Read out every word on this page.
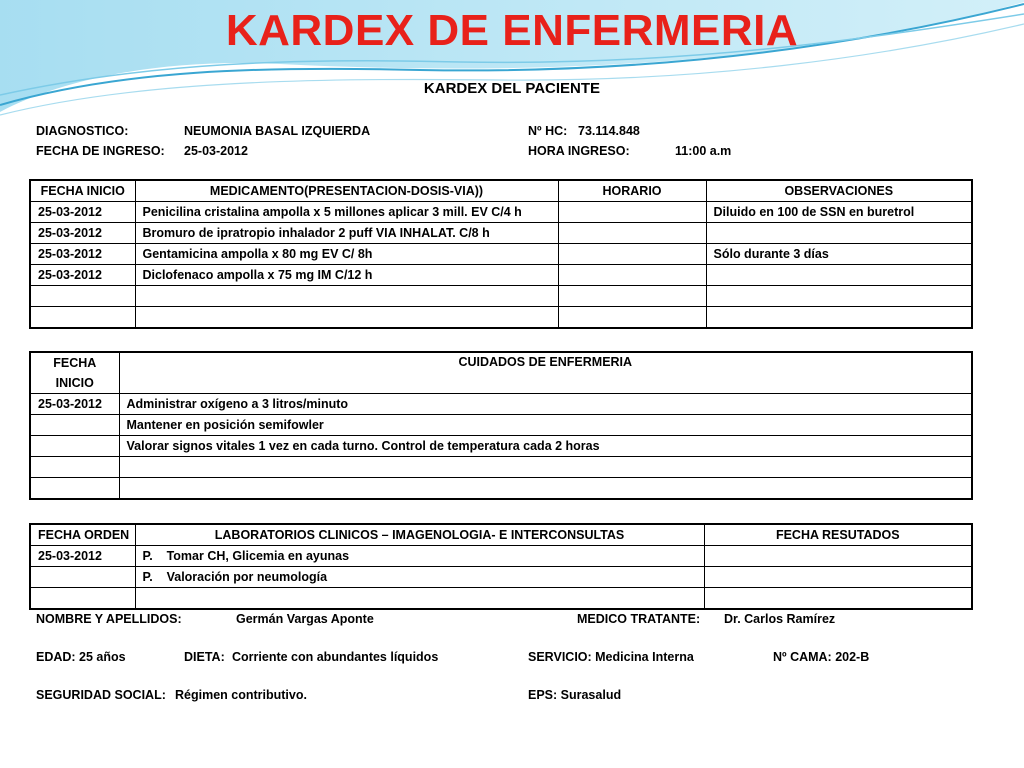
KARDEX DE ENFERMERIA
KARDEX DEL PACIENTE
DIAGNOSTICO:	NEUMONIA BASAL IZQUIERDA	Nº HC: 73.114.848
FECHA DE INGRESO: 25-03-2012	HORA INGRESO:	11:00 a.m
FECHA INICIO	MEDICAMENTO(PRESENTACION-DOSIS-VIA))	HORARIO	OBSERVACIONES
25-03-2012	Penicilina cristalina ampolla x 5 millones aplicar 3 mill. EV C/4 h		Diluido en 100 de SSN en buretrol
25-03-2012	Bromuro de ipratropio inhalador 2 puff VIA INHALAT. C/8 h		
25-03-2012	Gentamicina ampolla x 80 mg EV C/ 8h		Sólo durante 3 días
25-03-2012	Diclofenaco ampolla x 75 mg IM C/12 h		

FECHA INICIO	CUIDADOS DE ENFERMERIA
25-03-2012	Administrar oxígeno a 3 litros/minuto
	Mantener en posición semifowler
	Valorar signos vitales 1 vez en cada turno. Control de temperatura cada 2 horas

FECHA ORDEN	LABORATORIOS CLINICOS – IMAGENOLOGIA- E INTERCONSULTAS	FECHA RESUTADOS
25-03-2012	P.    Tomar CH, Glicemia en ayunas	
	P.    Valoración por neumología	

NOMBRE Y APELLIDOS:	Germán Vargas Aponte	MEDICO TRATANTE: Dr. Carlos Ramírez
EDAD: 25 años	DIETA: Corriente con abundantes líquidos	SERVICIO: Medicina Interna	Nº CAMA: 202-B
SEGURIDAD SOCIAL: Régimen contributivo.	EPS: Surasalud
